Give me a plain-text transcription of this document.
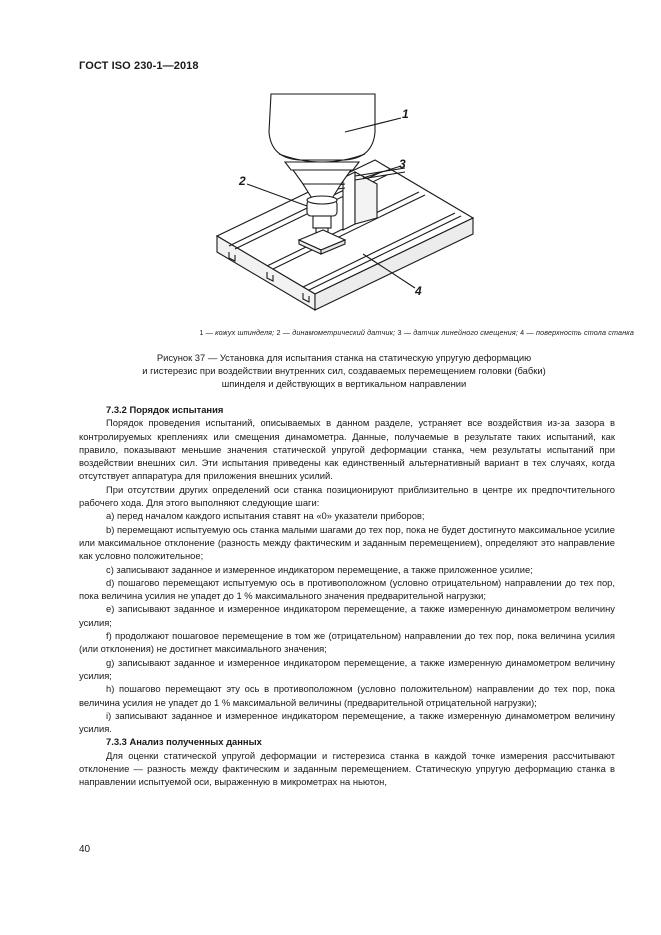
ГОСТ ISO 230-1—2018
1
2
3
4
1 — кожух шпинделя; 2 — динамометрический датчик; 3 — датчик линейного смещения; 4 — поверхность стола станка
Рисунок 37 — Установка для испытания станка на статическую упругую деформацию
и гистерезис при воздействии внутренних сил, создаваемых перемещением головки (бабки)
шпинделя и действующих в вертикальном направлении
7.3.2 Порядок испытания

Порядок проведения испытаний, описываемых в данном разделе, устраняет все воздействия из-за зазора в контролируемых креплениях или смещения динамометра. Данные, получаемые в результате таких испытаний, как правило, показывают меньшие значения статической упругой деформации станка, чем результаты испытаний при воздействии внешних сил. Эти испытания приведены как единственный альтернативный вариант в тех случаях, когда отсутствует аппаратура для приложения внешних усилий.

При отсутствии других определений оси станка позиционируют приблизительно в центре их предпочтительного рабочего хода. Для этого выполняют следующие шаги:

a) перед началом каждого испытания ставят на «0» указатели приборов;

b) перемещают испытуемую ось станка малыми шагами до тех пор, пока не будет достигнуто максимальное усилие или максимальное отклонение (разность между фактическим и заданным перемещением), определяют это направление как условно положительное;

c) записывают заданное и измеренное индикатором перемещение, а также приложенное усилие;

d) пошагово перемещают испытуемую ось в противоположном (условно отрицательном) направлении до тех пор, пока величина усилия не упадет до 1 % максимального значения предварительной нагрузки;

e) записывают заданное и измеренное индикатором перемещение, а также измеренную динамометром величину усилия;

f) продолжают пошаговое перемещение в том же (отрицательном) направлении до тех пор, пока величина усилия (или отклонения) не достигнет максимального значения;

g) записывают заданное и измеренное индикатором перемещение, а также измеренную динамометром величину усилия;

h) пошагово перемещают эту ось в противоположном (условно положительном) направлении до тех пор, пока величина усилия не упадет до 1 % максимальной величины (предварительной отрицательной нагрузки);

i) записывают заданное и измеренное индикатором перемещение, а также измеренную динамометром величину усилия.

7.3.3 Анализ полученных данных

Для оценки статической упругой деформации и гистерезиса станка в каждой точке измерения рассчитывают отклонение — разность между фактическим и заданным перемещением. Статическую упругую деформацию станка в направлении испытуемой оси, выраженную в микрометрах на ньютон,

40
